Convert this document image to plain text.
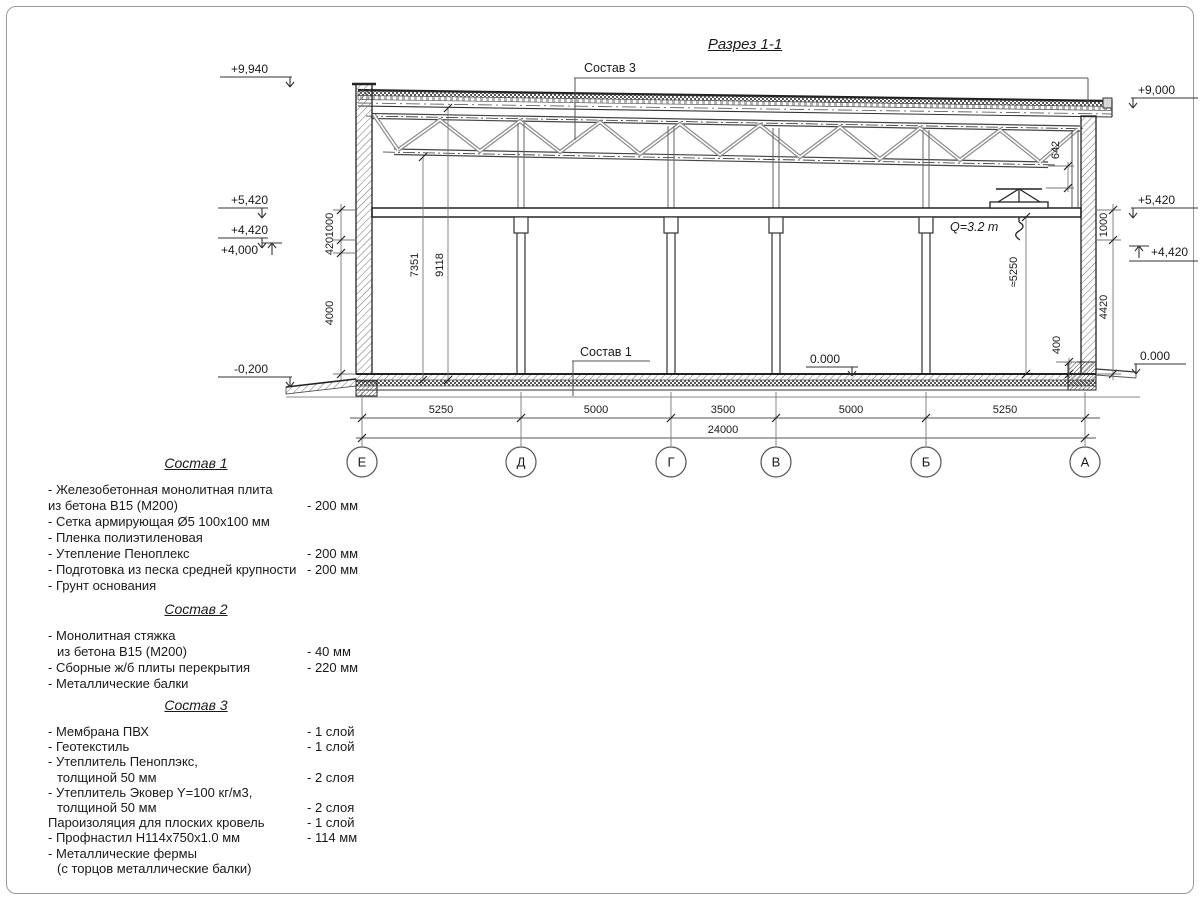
Разрез 1-1
Состав 3
Состав 1
Q=3.2 т
+9,940
+5,420
+4,420
+4,000
-0,200
+9,000
+5,420
+4,420
0.000
0.000
1000
420
4000
7351 9118
642
≈5250
400
1000
4420
5250	5000	3500	5000	5250
24000
Е	Д	Г	В	Б	А
Состав 1
- Железобетонная монолитная плита
из бетона В15 (М200)	- 200 мм
- Сетка армирующая Ø5 100х100 мм
- Пленка полиэтиленовая
- Утепление Пеноплекс	- 200 мм
- Подготовка из песка средней крупности - 200 мм
- Грунт основания
Состав 2
- Монолитная стяжка
из бетона В15 (М200)	- 40 мм
- Сборные ж/б плиты перекрытия	- 220 мм
- Металлические балки
Состав 3
- Мембрана ПВХ	- 1 слой
- Геотекстиль	- 1 слой
- Утеплитель Пеноплэкс,
толщиной 50 мм	- 2 слоя
- Утеплитель Эковер Y=100 кг/м3,
толщиной 50 мм	- 2 слоя
Пароизоляция для плоских кровель	- 1 слой
- Профнастил Н114х750х1.0 мм	- 114 мм
- Металлические фермы
(с торцов металлические балки)
